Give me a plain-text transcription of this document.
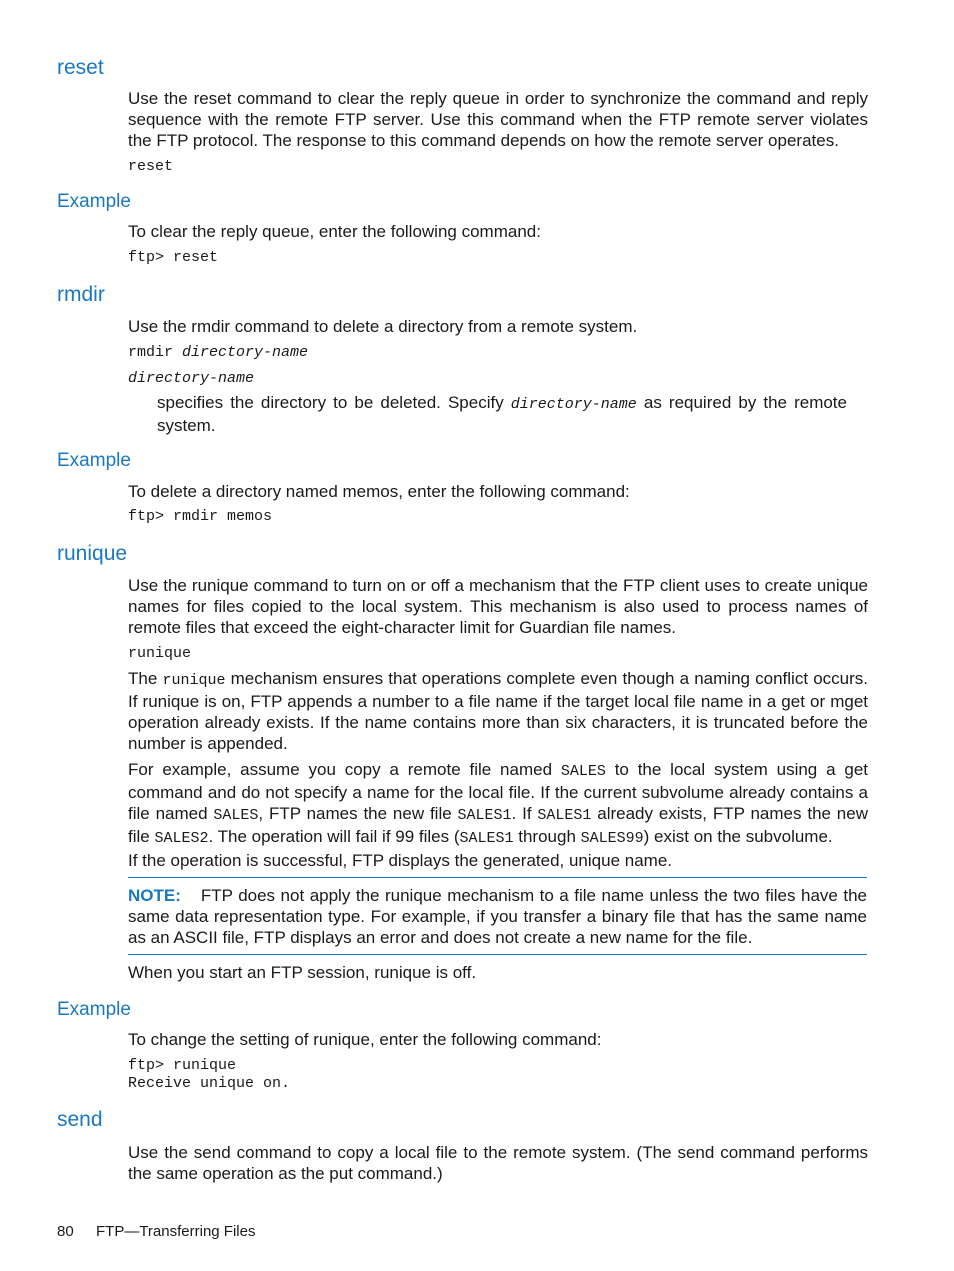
reset
Use the reset command to clear the reply queue in order to synchronize the command and reply sequence with the remote FTP server. Use this command when the FTP remote server violates the FTP protocol. The response to this command depends on how the remote server operates.
reset
Example
To clear the reply queue, enter the following command:
ftp> reset
rmdir
Use the rmdir command to delete a directory from a remote system.
rmdir directory-name
directory-name
specifies the directory to be deleted. Specify directory-name as required by the remote system.
Example
To delete a directory named memos, enter the following command:
ftp> rmdir memos
runique
Use the runique command to turn on or off a mechanism that the FTP client uses to create unique names for files copied to the local system. This mechanism is also used to process names of remote files that exceed the eight-character limit for Guardian file names.
runique
The runique mechanism ensures that operations complete even though a naming conflict occurs. If runique is on, FTP appends a number to a file name if the target local file name in a get or mget operation already exists. If the name contains more than six characters, it is truncated before the number is appended.
For example, assume you copy a remote file named SALES to the local system using a get command and do not specify a name for the local file. If the current subvolume already contains a file named SALES, FTP names the new file SALES1. If SALES1 already exists, FTP names the new file SALES2. The operation will fail if 99 files (SALES1 through SALES99) exist on the subvolume.
If the operation is successful, FTP displays the generated, unique name.
NOTE: FTP does not apply the runique mechanism to a file name unless the two files have the same data representation type. For example, if you transfer a binary file that has the same name as an ASCII file, FTP displays an error and does not create a new name for the file.
When you start an FTP session, runique is off.
Example
To change the setting of runique, enter the following command:
ftp> runique
Receive unique on.
send
Use the send command to copy a local file to the remote system. (The send command performs the same operation as the put command.)
80 FTP—Transferring Files
